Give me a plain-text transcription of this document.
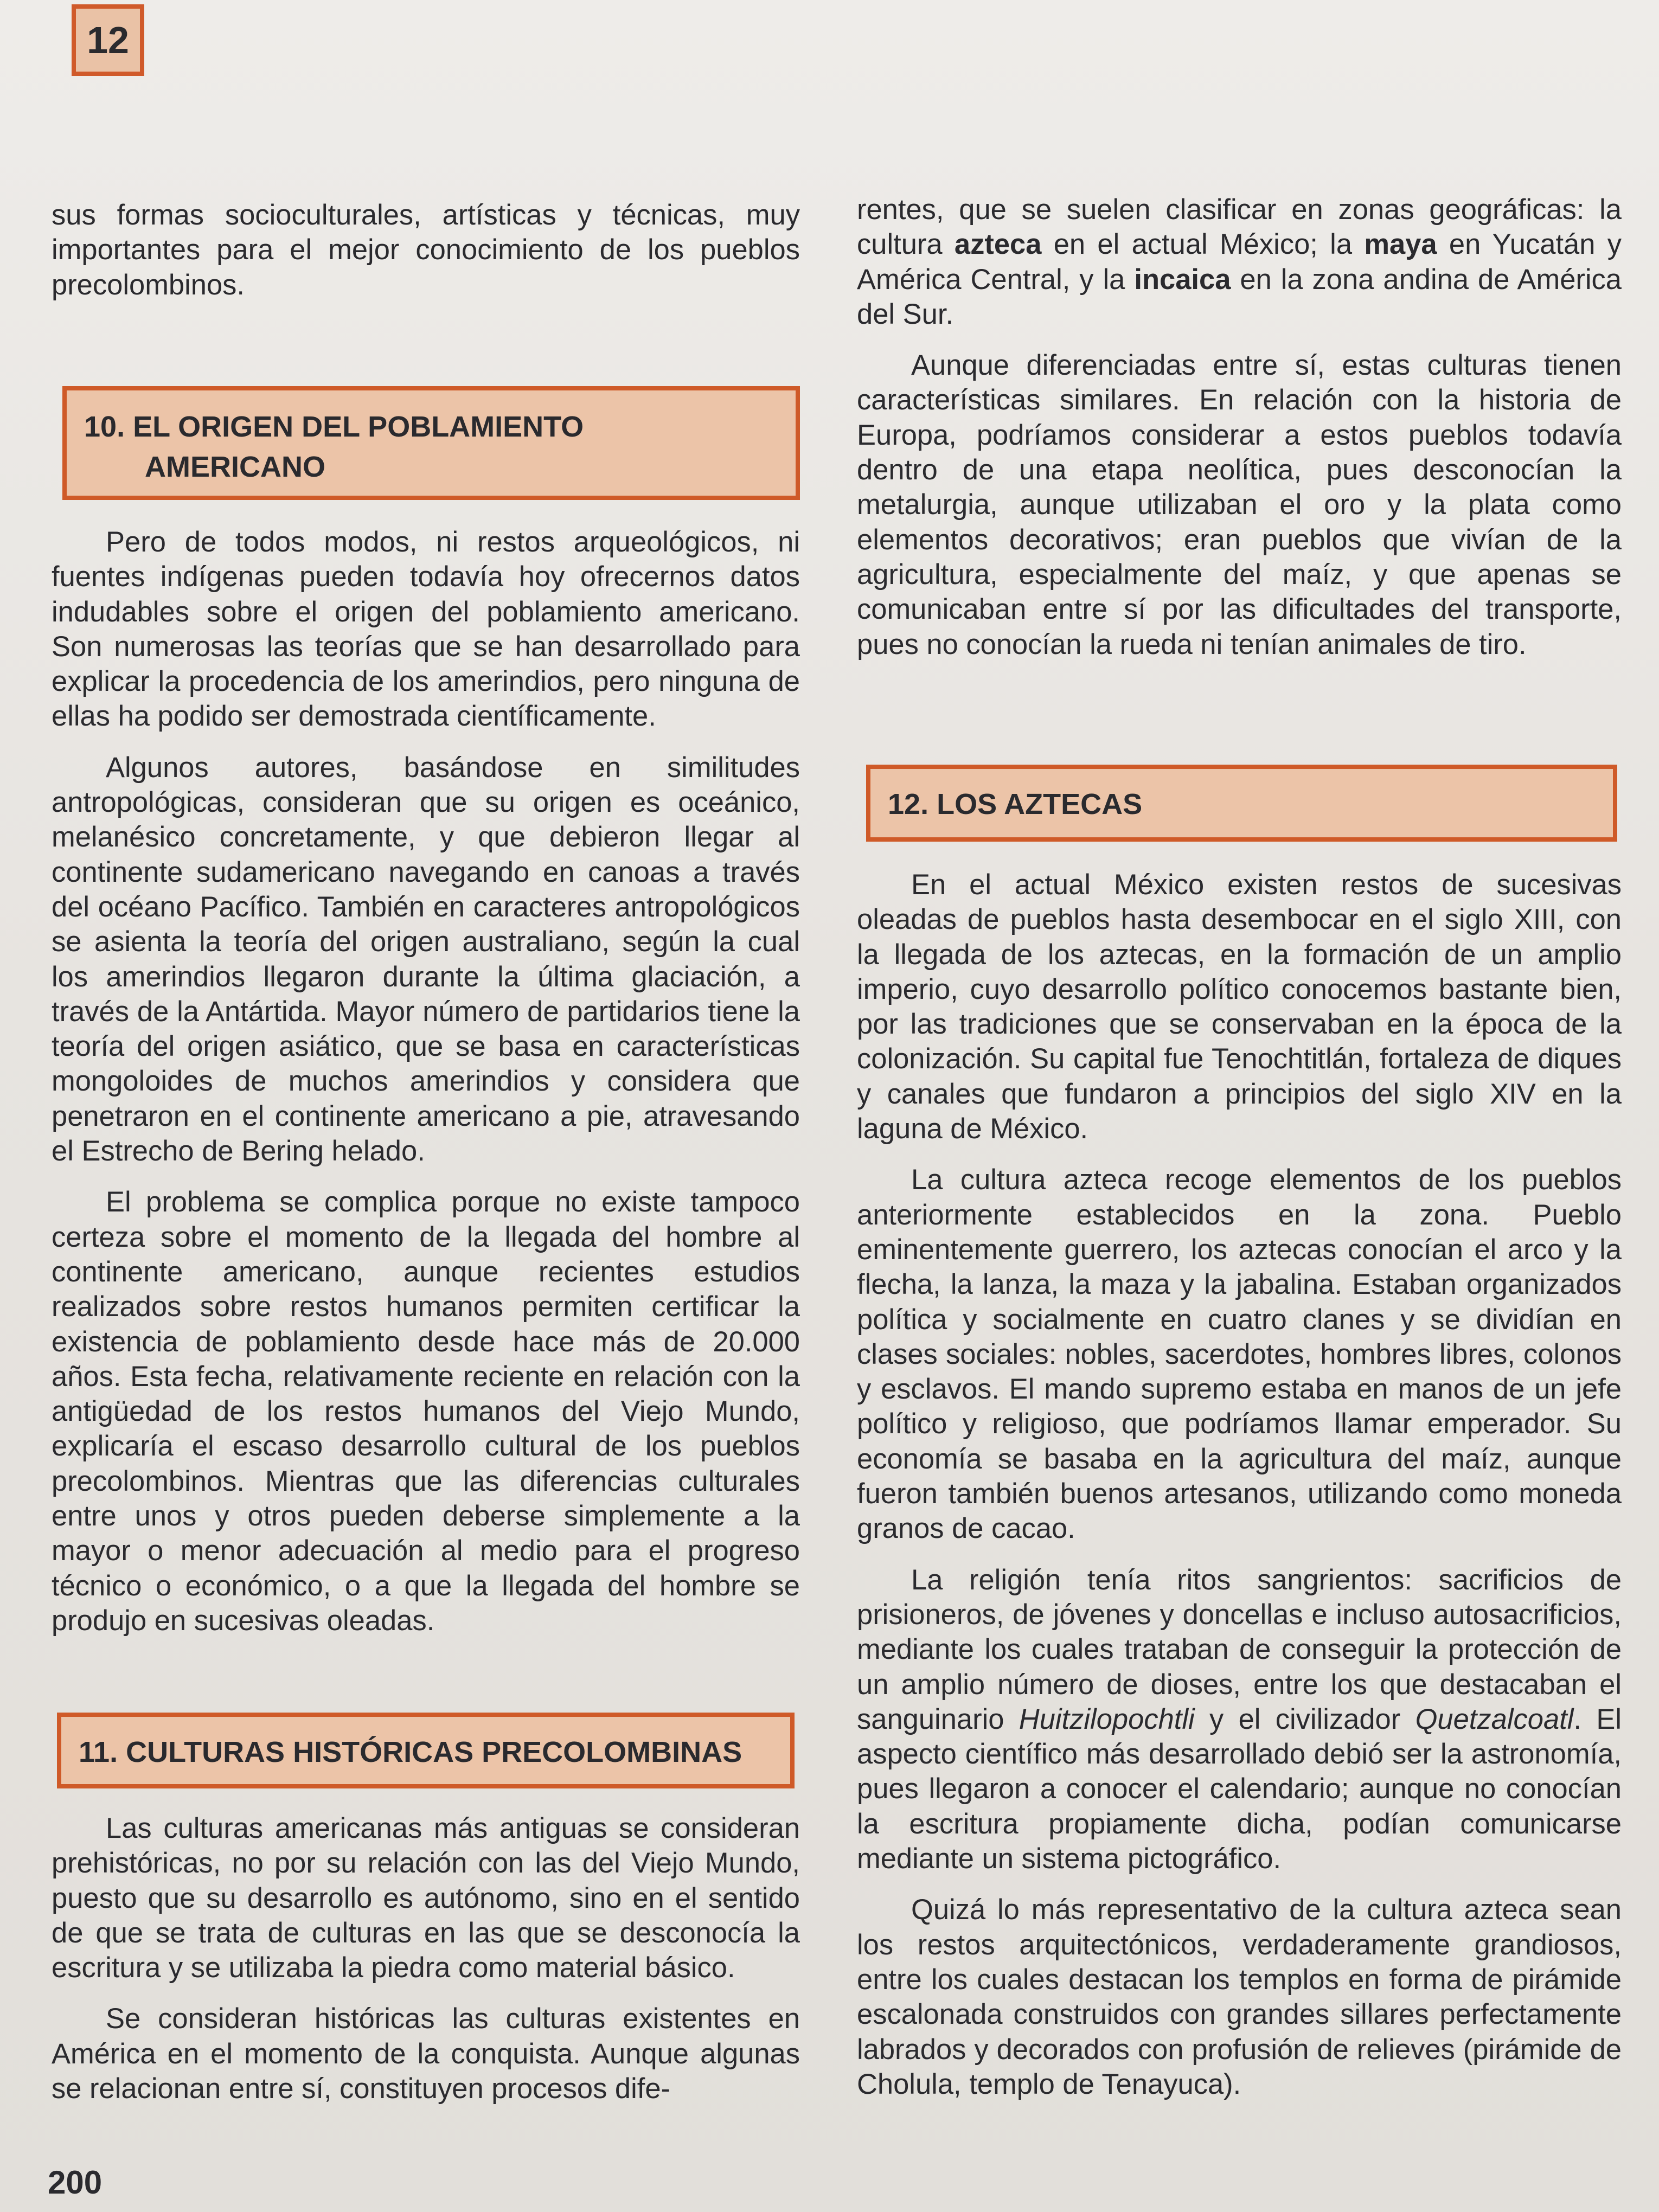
12

sus formas socioculturales, artísticas y técnicas, muy importantes para el mejor conocimiento de los pueblos precolombinos.

10. EL ORIGEN DEL POBLAMIENTO
AMERICANO

Pero de todos modos, ni restos arqueológicos, ni fuentes indígenas pueden todavía hoy ofrecernos datos indudables sobre el origen del poblamiento americano. Son numerosas las teorías que se han desarrollado para explicar la procedencia de los amerindios, pero ninguna de ellas ha podido ser demostrada científicamente.

Algunos autores, basándose en similitudes antropológicas, consideran que su origen es oceánico, melanésico concretamente, y que debieron llegar al continente sudamericano navegando en canoas a través del océano Pacífico. También en caracteres antropológicos se asienta la teoría del origen australiano, según la cual los amerindios llegaron durante la última glaciación, a través de la Antártida. Mayor número de partidarios tiene la teoría del origen asiático, que se basa en características mongoloides de muchos amerindios y considera que penetraron en el continente americano a pie, atravesando el Estrecho de Bering helado.

El problema se complica porque no existe tampoco certeza sobre el momento de la llegada del hombre al continente americano, aunque recientes estudios realizados sobre restos humanos permiten certificar la existencia de poblamiento desde hace más de 20.000 años. Esta fecha, relativamente reciente en relación con la antigüedad de los restos humanos del Viejo Mundo, explicaría el escaso desarrollo cultural de los pueblos precolombinos. Mientras que las diferencias culturales entre unos y otros pueden deberse simplemente a la mayor o menor adecuación al medio para el progreso técnico o económico, o a que la llegada del hombre se produjo en sucesivas oleadas.

11. CULTURAS HISTÓRICAS PRECOLOMBINAS

Las culturas americanas más antiguas se consideran prehistóricas, no por su relación con las del Viejo Mundo, puesto que su desarrollo es autónomo, sino en el sentido de que se trata de culturas en las que se desconocía la escritura y se utilizaba la piedra como material básico.

Se consideran históricas las culturas existentes en América en el momento de la conquista. Aunque algunas se relacionan entre sí, constituyen procesos dife-

rentes, que se suelen clasificar en zonas geográficas: la cultura azteca en el actual México; la maya en Yucatán y América Central, y la incaica en la zona andina de América del Sur.

Aunque diferenciadas entre sí, estas culturas tienen características similares. En relación con la historia de Europa, podríamos considerar a estos pueblos todavía dentro de una etapa neolítica, pues desconocían la metalurgia, aunque utilizaban el oro y la plata como elementos decorativos; eran pueblos que vivían de la agricultura, especialmente del maíz, y que apenas se comunicaban entre sí por las dificultades del transporte, pues no conocían la rueda ni tenían animales de tiro.

12. LOS AZTECAS

En el actual México existen restos de sucesivas oleadas de pueblos hasta desembocar en el siglo XIII, con la llegada de los aztecas, en la formación de un amplio imperio, cuyo desarrollo político conocemos bastante bien, por las tradiciones que se conservaban en la época de la colonización. Su capital fue Tenochtitlán, fortaleza de diques y canales que fundaron a principios del siglo XIV en la laguna de México.

La cultura azteca recoge elementos de los pueblos anteriormente establecidos en la zona. Pueblo eminentemente guerrero, los aztecas conocían el arco y la flecha, la lanza, la maza y la jabalina. Estaban organizados política y socialmente en cuatro clanes y se dividían en clases sociales: nobles, sacerdotes, hombres libres, colonos y esclavos. El mando supremo estaba en manos de un jefe político y religioso, que podríamos llamar emperador. Su economía se basaba en la agricultura del maíz, aunque fueron también buenos artesanos, utilizando como moneda granos de cacao.

La religión tenía ritos sangrientos: sacrificios de prisioneros, de jóvenes y doncellas e incluso autosacrificios, mediante los cuales trataban de conseguir la protección de un amplio número de dioses, entre los que destacaban el sanguinario Huitzilopochtli y el civilizador Quetzalcoatl. El aspecto científico más desarrollado debió ser la astronomía, pues llegaron a conocer el calendario; aunque no conocían la escritura propiamente dicha, podían comunicarse mediante un sistema pictográfico.

Quizá lo más representativo de la cultura azteca sean los restos arquitectónicos, verdaderamente grandiosos, entre los cuales destacan los templos en forma de pirámide escalonada construidos con grandes sillares perfectamente labrados y decorados con profusión de relieves (pirámide de Cholula, templo de Tenayuca).

200
